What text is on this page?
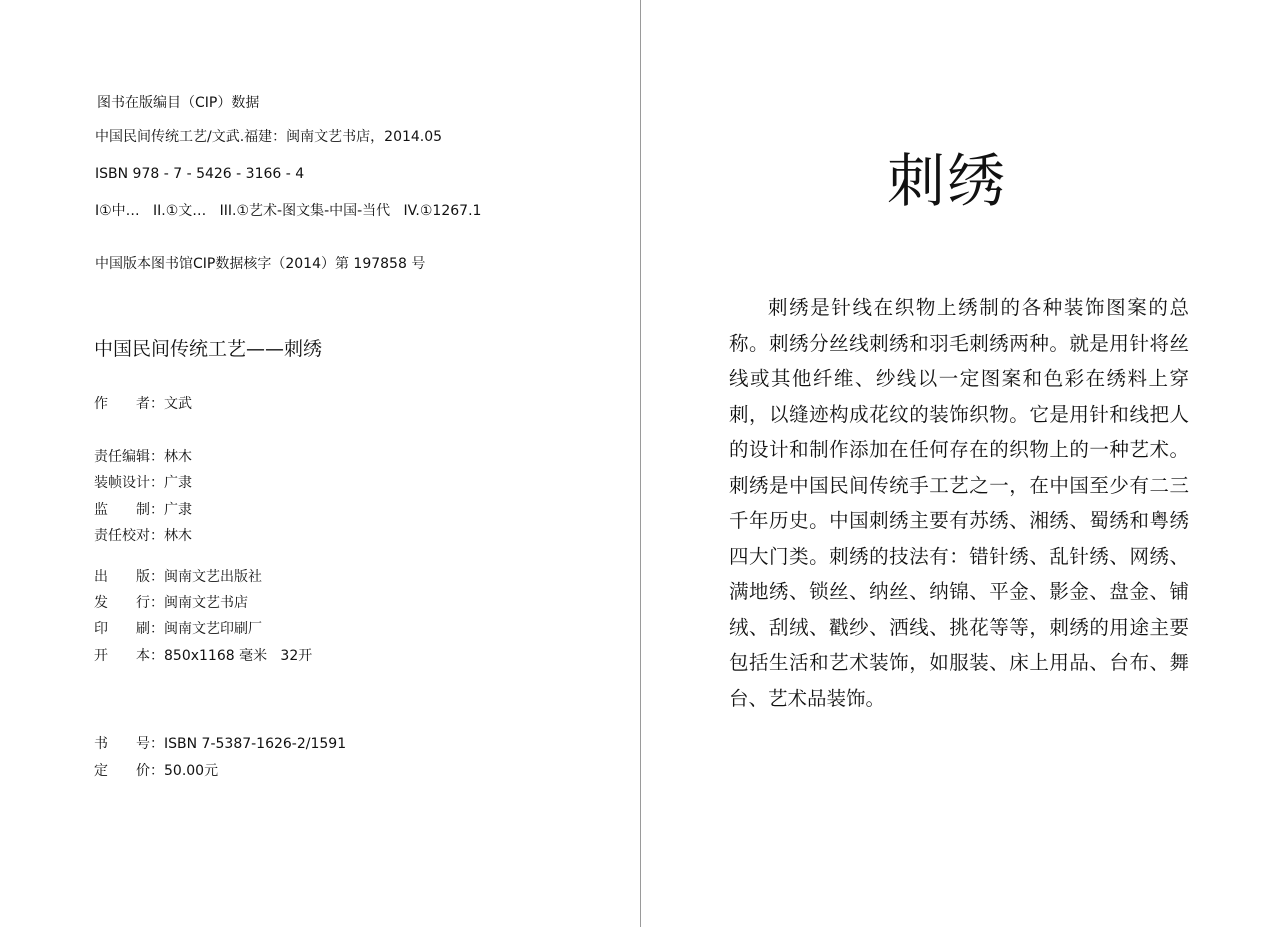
图书在版编目（CIP）数据
中国民间传统工艺/文武.福建：闽南文艺书店，2014.05
ISBN 978 - 7 - 5426 - 3166 - 4
I①中…   II.①文…   III.①艺术-图文集-中国-当代   IV.①1267.1
中国版本图书馆CIP数据核字（2014）第 197858 号
中国民间传统工艺——刺绣
作 者 ： 文武
责任编辑 ： 林木
装帧设计 ： 广隶
监 制 ： 广隶
责任校对 ： 林木
出 版 ： 闽南文艺出版社
发 行 ： 闽南文艺书店
印 刷 ： 闽南文艺印刷厂
开 本 ： 850x1168 毫米   32开
书 号 ： ISBN 7-5387-1626-2/1591
定 价 ： 50.00元
刺绣

刺绣是针线在织物上绣制的各种装饰图案的总称。刺绣分丝线刺绣和羽毛刺绣两种。就是用针将丝线或其他纤维、纱线以一定图案和色彩在绣料上穿刺，以缝迹构成花纹的装饰织物。它是用针和线把人的设计和制作添加在任何存在的织物上的一种艺术。刺绣是中国民间传统手工艺之一，在中国至少有二三千年历史。中国刺绣主要有苏绣、湘绣、蜀绣和粤绣四大门类。刺绣的技法有：错针绣、乱针绣、网绣、满地绣、锁丝、纳丝、纳锦、平金、影金、盘金、铺绒、刮绒、戳纱、洒线、挑花等等，刺绣的用途主要包括生活和艺术装饰，如服装、床上用品、台布、舞台、艺术品装饰。
